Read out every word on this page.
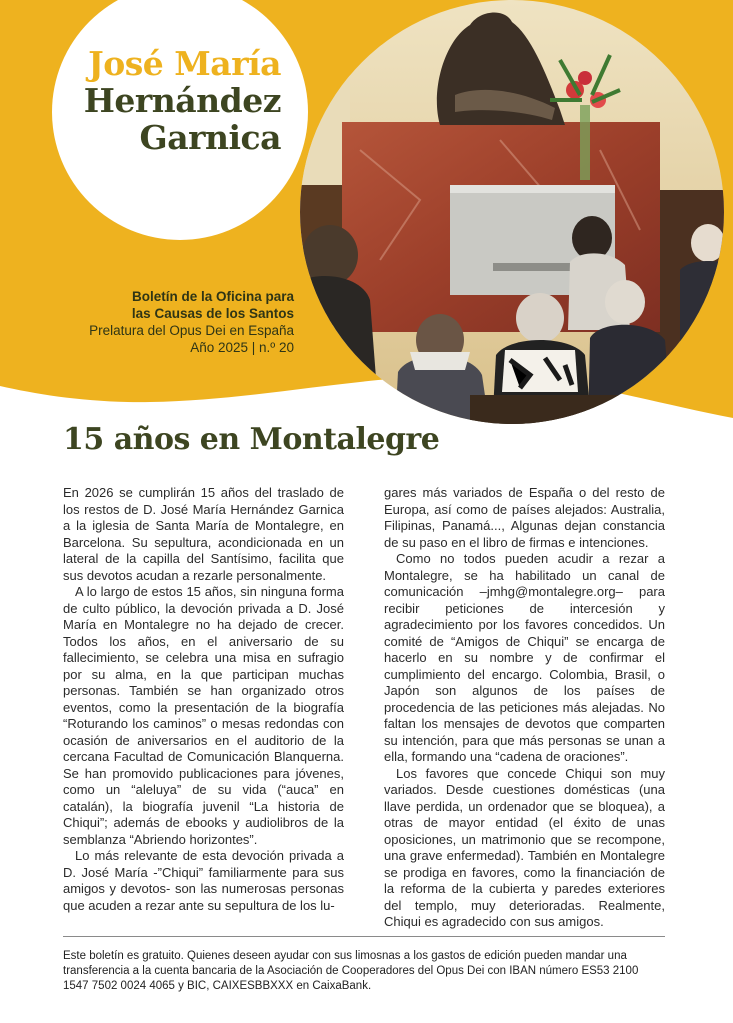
José María
Hernández
Garnica
Boletín de la Oficina para
las Causas de los Santos
Prelatura del Opus Dei en España
Año 2025 | n.º 20
15 años en Montalegre

En 2026 se cumplirán 15 años del traslado de los restos de D. José María Hernández Garnica a la iglesia de Santa María de Montalegre, en Barcelona. Su sepultura, acondicionada en un lateral de la capilla del Santísimo, facilita que sus devotos acudan a rezarle personalmente.

A lo largo de estos 15 años, sin ninguna forma de culto público, la devoción privada a D. José María en Montalegre no ha dejado de crecer. Todos los años, en el aniversario de su fallecimiento, se celebra una misa en sufragio por su alma, en la que participan muchas personas. También se han organizado otros eventos, como la presentación de la biografía “Roturando los caminos” o mesas redondas con ocasión de aniversarios en el auditorio de la cercana Facultad de Comunicación Blanquerna. Se han promovido publicaciones para jóvenes, como un “aleluya” de su vida (“auca” en catalán), la biografía juvenil “La historia de Chiqui”; además de ebooks y audiolibros de la semblanza “Abriendo horizontes”.

Lo más relevante de esta devoción privada a D. José María -”Chiqui” familiarmente para sus amigos y devotos- son las numerosas personas que acuden a rezar ante su sepultura de los lu-

gares más variados de España o del resto de Europa, así como de países alejados: Australia, Filipinas, Panamá..., Algunas dejan constancia de su paso en el libro de firmas e intenciones.

Como no todos pueden acudir a rezar a Montalegre, se ha habilitado un canal de comunicación –jmhg@montalegre.org– para recibir peticiones de intercesión y agradecimiento por los favores concedidos. Un comité de “Amigos de Chiqui” se encarga de hacerlo en su nombre y de confirmar el cumplimiento del encargo. Colombia, Brasil, o Japón son algunos de los países de procedencia de las peticiones más alejadas. No faltan los mensajes de devotos que comparten su intención, para que más personas se unan a ella, formando una “cadena de oraciones”.

Los favores que concede Chiqui son muy variados. Desde cuestiones domésticas (una llave perdida, un ordenador que se bloquea), a otras de mayor entidad (el éxito de unas oposiciones, un matrimonio que se recompone, una grave enfermedad). También en Montalegre se prodiga en favores, como la financiación de la reforma de la cubierta y paredes exteriores del templo, muy deterioradas. Realmente, Chiqui es agradecido con sus amigos.

Este boletín es gratuito. Quienes deseen ayudar con sus limosnas a los gastos de edición pueden mandar una transferencia a la cuenta bancaria de la Asociación de Cooperadores del Opus Dei con IBAN número ES53 2100 1547 7502 0024 4065 y BIC, CAIXESBBXXX en CaixaBank.
